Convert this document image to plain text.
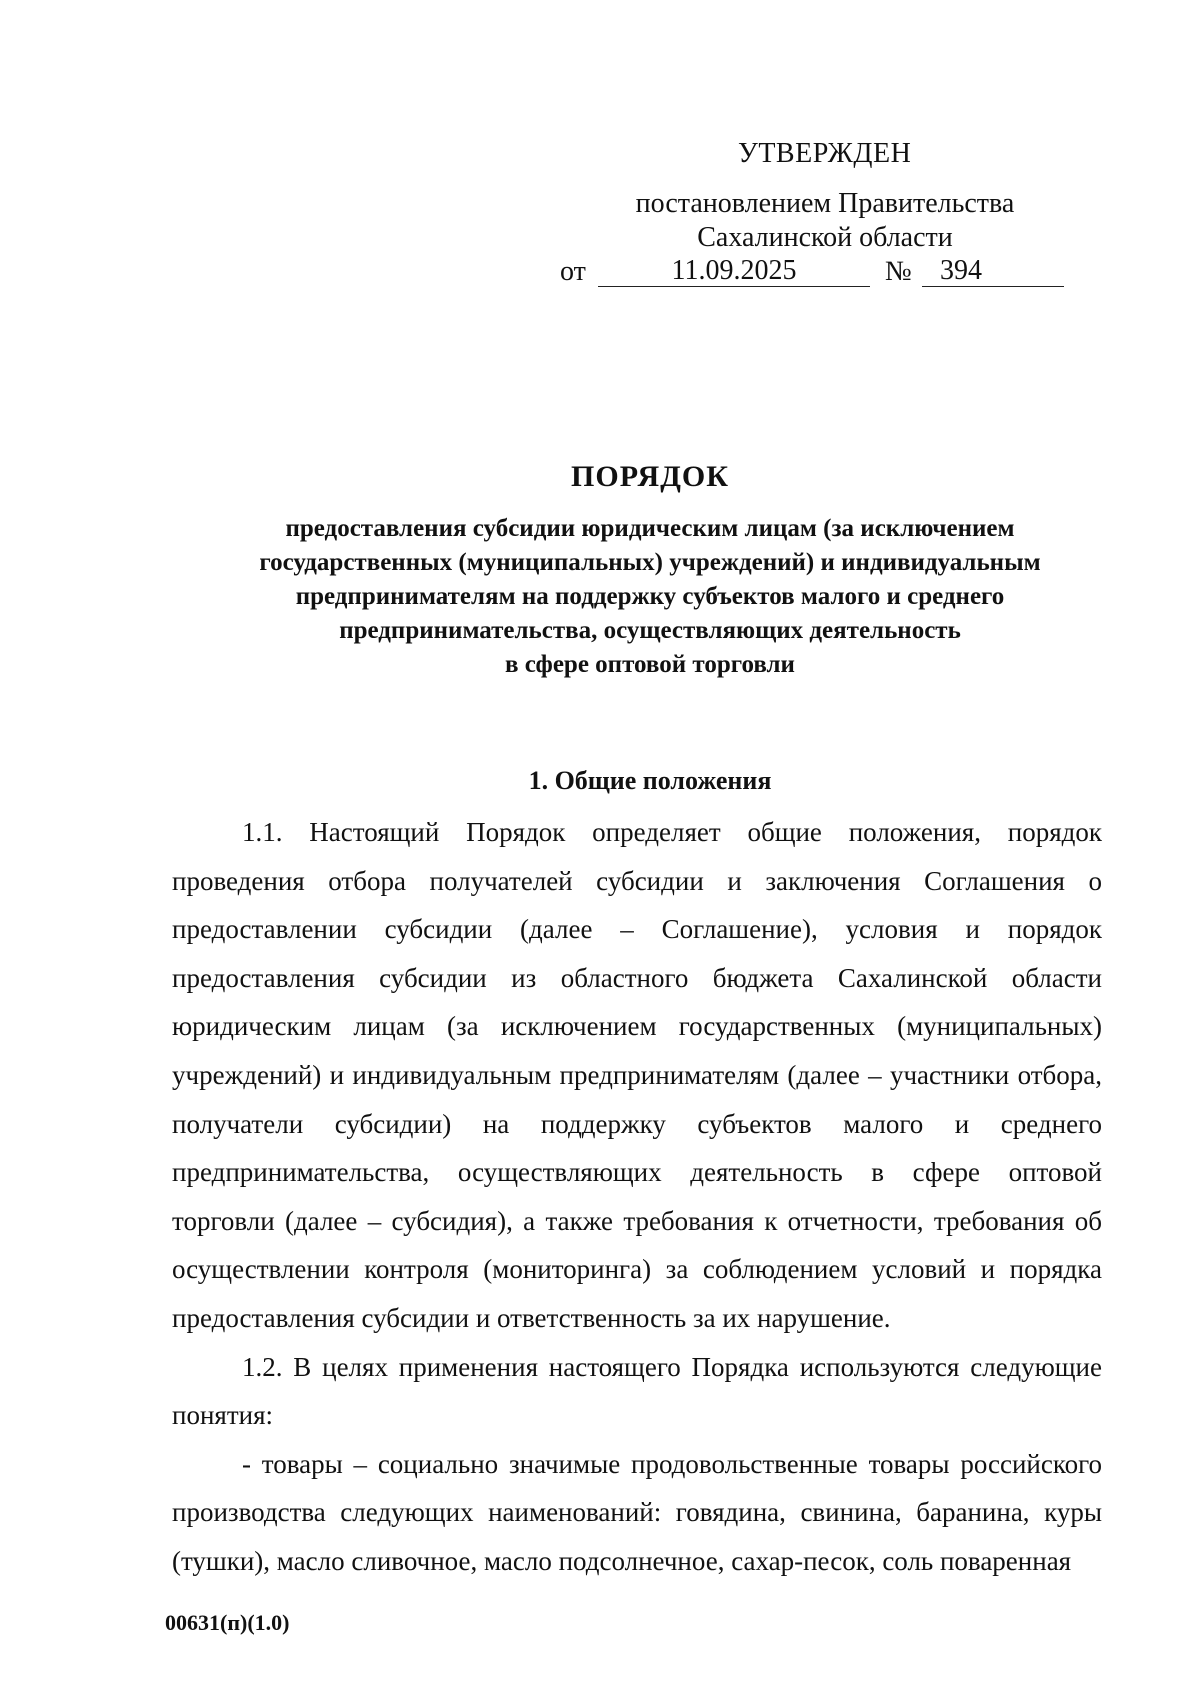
УТВЕРЖДЕН
постановлением Правительства
Сахалинской области
от	11.09.2025	№	394
ПОРЯДОК
предоставления субсидии юридическим лицам (за исключением
государственных (муниципальных) учреждений) и индивидуальным
предпринимателям на поддержку субъектов малого и среднего
предпринимательства, осуществляющих деятельность
в сфере оптовой торговли
1. Общие положения

1.1. Настоящий Порядок определяет общие положения, порядок проведения отбора получателей субсидии и заключения Соглашения о предоставлении субсидии (далее – Соглашение), условия и порядок предоставления субсидии из областного бюджета Сахалинской области юридическим лицам (за исключением государственных (муниципальных) учреждений) и индивидуальным предпринимателям (далее – участники отбора, получатели субсидии) на поддержку субъектов малого и среднего предпринимательства, осуществляющих деятельность в сфере оптовой торговли (далее – субсидия), а также требования к отчетности, требования об осуществлении контроля (мониторинга) за соблюдением условий и порядка предоставления субсидии и ответственность за их нарушение.

1.2. В целях применения настоящего Порядка используются следующие понятия:

- товары – социально значимые продовольственные товары российского производства следующих наименований: говядина, свинина, баранина, куры (тушки), масло сливочное, масло подсолнечное, сахар-песок, соль поваренная

00631(п)(1.0)
